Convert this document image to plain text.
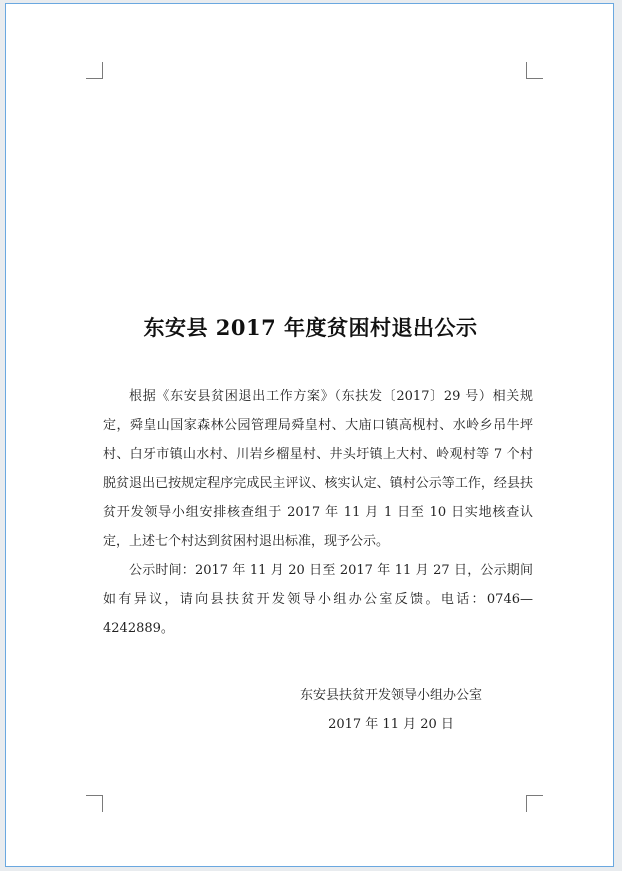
东安县 2017 年度贫困村退出公示

根据《东安县贫困退出工作方案》（东扶发〔2017〕29 号）相关规定，舜皇山国家森林公园管理局舜皇村、大庙口镇高枧村、水岭乡吊牛坪村、白牙市镇山水村、川岩乡榴星村、井头圩镇上大村、岭观村等 7 个村脱贫退出已按规定程序完成民主评议、核实认定、镇村公示等工作，经县扶贫开发领导小组安排核查组于 2017 年 11 月 1 日至 10 日实地核查认定，上述七个村达到贫困村退出标准，现予公示。

公示时间：2017 年 11 月 20 日至 2017 年 11 月 27 日，公示期间如有异议，请向县扶贫开发领导小组办公室反馈。电话：0746—4242889。

东安县扶贫开发领导小组办公室
2017 年 11 月 20 日
